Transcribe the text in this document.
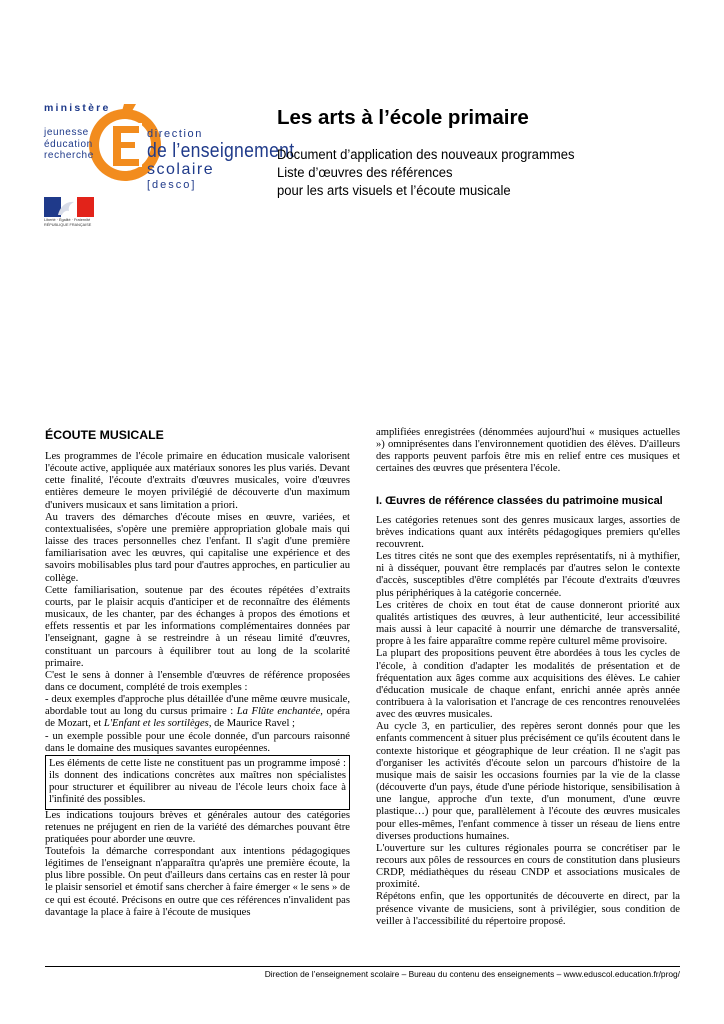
ministère
jeunesse
éducation
recherche
direction
de l’enseignement
scolaire
[desco]
Liberté · Égalité · Fraternité RÉPUBLIQUE FRANÇAISE
Les arts à l’école primaire
Document d’application des nouveaux programmes
Liste d’œuvres des références
pour les arts visuels et l’écoute musicale
ÉCOUTE MUSICALE

Les programmes de l'école primaire en éducation musicale valorisent l'écoute active, appliquée aux matériaux sonores les plus variés. Devant cette finalité, l'écoute d'extraits d'œuvres musicales, voire d'œuvres entières demeure le moyen privilégié de découverte d'un maximum d'univers musicaux et sans limitation a priori.

Au travers des démarches d'écoute mises en œuvre, variées, et contextualisées, s'opère une première appropriation globale mais qui laisse des traces personnelles chez l'enfant. Il s'agit d'une première familiarisation avec les œuvres, qui capitalise une expérience et des savoirs mobilisables plus tard pour d'autres approches, en particulier au collège.

Cette familiarisation, soutenue par des écoutes répétées d’extraits courts, par le plaisir acquis d'anticiper et de reconnaître des éléments musicaux, de les chanter, par des échanges à propos des émotions et effets ressentis et par les informations complémentaires données par l'enseignant, gagne à se restreindre à un réseau limité d'œuvres, constituant un parcours à équilibrer tout au long de la scolarité primaire.

C'est le sens à donner à l'ensemble d'œuvres de référence proposées dans ce document, complété de trois exemples :

- deux exemples d'approche plus détaillée d'une même œuvre musicale, abordable tout au long du cursus primaire : La Flûte enchantée, opéra de Mozart, et L'Enfant et les sortilèges, de Maurice Ravel ;

- un exemple possible pour une école donnée, d'un parcours raisonné dans le domaine des musiques savantes européennes.

Les éléments de cette liste ne constituent pas un programme imposé : ils donnent des indications concrètes aux maîtres non spécialistes pour structurer et équilibrer au niveau de l'école leurs choix face à l'infinité des possibles.

Les indications toujours brèves et générales autour des catégories retenues ne préjugent en rien de la variété des démarches pouvant être pratiquées pour aborder une œuvre.

Toutefois la démarche correspondant aux intentions pédagogiques légitimes de l'enseignant n'apparaîtra qu'après une première écoute, la plus libre possible. On peut d'ailleurs dans certains cas en rester là pour le plaisir sensoriel et émotif sans chercher à faire émerger « le sens » de ce qui est écouté. Précisons en outre que ces références n'invalident pas davantage la place à faire à l'écoute de musiques

amplifiées enregistrées (dénommées aujourd'hui « musiques actuelles ») omniprésentes dans l'environnement quotidien des élèves. D'ailleurs des rapports peuvent parfois être mis en relief entre ces musiques et certaines des œuvres que présentera l'école.

I. Œuvres de référence classées du patrimoine musical

Les catégories retenues sont des genres musicaux larges, assorties de brèves indications quant aux intérêts pédagogiques premiers qu'elles recouvrent.

Les titres cités ne sont que des exemples représentatifs, ni à mythifier, ni à disséquer, pouvant être remplacés par d'autres selon le contexte d'accès, susceptibles d'être complétés par l'écoute d'extraits d'œuvres plus périphériques à la catégorie concernée.

Les critères de choix en tout état de cause donneront priorité aux qualités artistiques des œuvres, à leur authenticité, leur accessibilité mais aussi à leur capacité à nourrir une démarche de transversalité, propre à les faire apparaître comme repère culturel même provisoire.

La plupart des propositions peuvent être abordées à tous les cycles de l'école, à condition d'adapter les modalités de présentation et de fréquentation aux âges comme aux acquisitions des élèves. Le cahier d'éducation musicale de chaque enfant, enrichi année après année contribuera à la valorisation et l'ancrage de ces rencontres renouvelées avec des œuvres musicales.

Au cycle 3, en particulier, des repères seront donnés pour que les enfants commencent à situer plus précisément ce qu'ils écoutent dans le contexte historique et géographique de leur création. Il ne s'agit pas d'organiser les activités d'écoute selon un parcours d'histoire de la musique mais de saisir les occasions fournies par la vie de la classe (découverte d'un pays, étude d'une période historique, sensibilisation à une langue, approche d'un texte, d'un monument, d'une œuvre plastique…) pour que, parallèlement à l'écoute des œuvres musicales pour elles-mêmes, l'enfant commence à tisser un réseau de liens entre diverses productions humaines.

L'ouverture sur les cultures régionales pourra se concrétiser par le recours aux pôles de ressources en cours de constitution dans plusieurs CRDP, médiathèques du réseau CNDP et associations musicales de proximité.

Répétons enfin, que les opportunités de découverte en direct, par la présence vivante de musiciens, sont à privilégier, sous condition de veiller à l'accessibilité du répertoire proposé.

Direction de l’enseignement scolaire – Bureau du contenu des enseignements – www.eduscol.education.fr/prog/
